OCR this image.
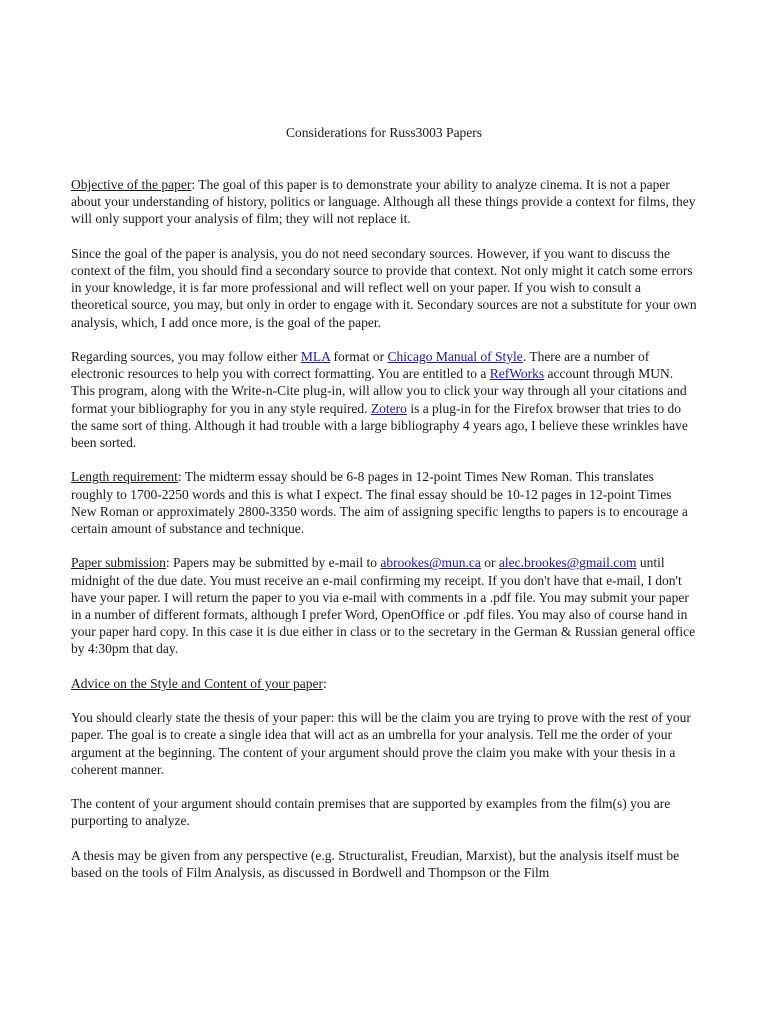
Considerations for Russ3003 Papers

Objective of the paper: The goal of this paper is to demonstrate your ability to analyze cinema. It is not a paper about your understanding of history, politics or language. Although all these things provide a context for films, they will only support your analysis of film; they will not replace it.

Since the goal of the paper is analysis, you do not need secondary sources. However, if you want to discuss the context of the film, you should find a secondary source to provide that context. Not only might it catch some errors in your knowledge, it is far more professional and will reflect well on your paper. If you wish to consult a theoretical source, you may, but only in order to engage with it. Secondary sources are not a substitute for your own analysis, which, I add once more, is the goal of the paper.

Regarding sources, you may follow either MLA format or Chicago Manual of Style. There are a number of electronic resources to help you with correct formatting. You are entitled to a RefWorks account through MUN. This program, along with the Write-n-Cite plug-in, will allow you to click your way through all your citations and format your bibliography for you in any style required. Zotero is a plug-in for the Firefox browser that tries to do the same sort of thing. Although it had trouble with a large bibliography 4 years ago, I believe these wrinkles have been sorted.

Length requirement: The midterm essay should be 6-8 pages in 12-point Times New Roman. This translates roughly to 1700-2250 words and this is what I expect. The final essay should be 10-12 pages in 12-point Times New Roman or approximately 2800-3350 words. The aim of assigning specific lengths to papers is to encourage a certain amount of substance and technique.

Paper submission: Papers may be submitted by e-mail to abrookes@mun.ca or alec.brookes@gmail.com until midnight of the due date. You must receive an e-mail confirming my receipt. If you don't have that e-mail, I don't have your paper. I will return the paper to you via e-mail with comments in a .pdf file. You may submit your paper in a number of different formats, although I prefer Word, OpenOffice or .pdf files. You may also of course hand in your paper hard copy. In this case it is due either in class or to the secretary in the German & Russian general office by 4:30pm that day.

Advice on the Style and Content of your paper:

You should clearly state the thesis of your paper: this will be the claim you are trying to prove with the rest of your paper. The goal is to create a single idea that will act as an umbrella for your analysis. Tell me the order of your argument at the beginning. The content of your argument should prove the claim you make with your thesis in a coherent manner.

The content of your argument should contain premises that are supported by examples from the film(s) you are purporting to analyze.

A thesis may be given from any perspective (e.g. Structuralist, Freudian, Marxist), but the analysis itself must be based on the tools of Film Analysis, as discussed in Bordwell and Thompson or the Film
